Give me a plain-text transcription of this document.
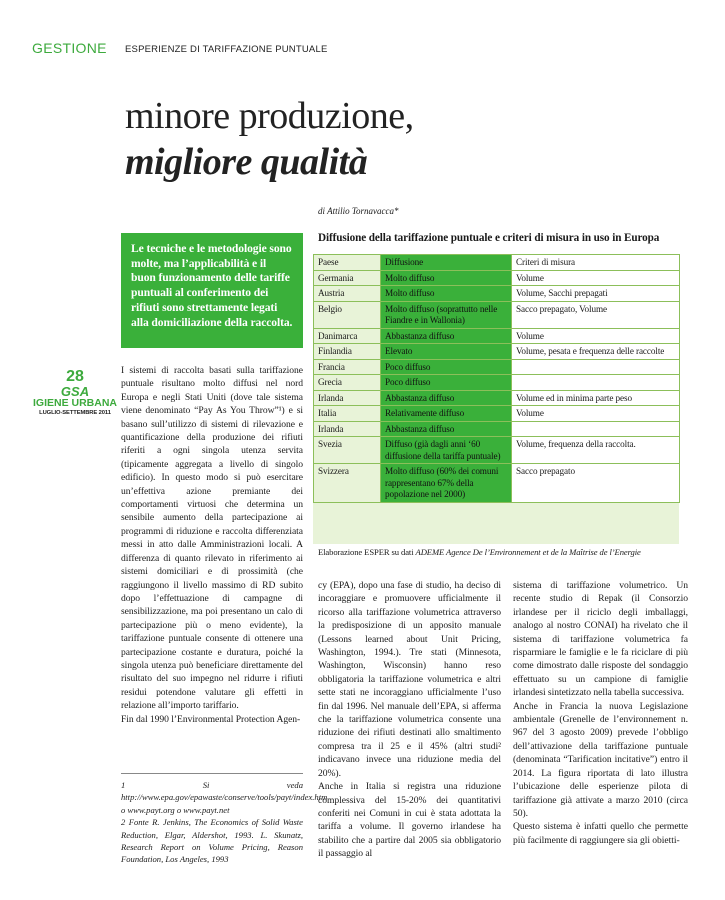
GESTIONE ESPERIENZE DI TARIFFAZIONE PUNTUALE
minore produzione,
migliore qualità
di Attilio Tornavacca*
Le tecniche e le metodologie sono molte, ma l’applicabilità e il buon funzionamento delle tariffe puntuali al conferimento dei rifiuti sono strettamente legati alla domiciliazione della raccolta.
28
GSA
IGIENE URBANA
LUGLIO-SETTEMBRE 2011

I sistemi di raccolta basati sulla tariffazione puntuale risultano molto diffusi nel nord Europa e negli Stati Uniti (dove tale sistema viene denominato “Pay As You Throw”¹) e si basano sull’utilizzo di sistemi di rilevazione e quantificazione della produzione dei rifiuti riferiti a ogni singola utenza servita (tipicamente aggregata a livello di singolo edificio). In questo modo si può esercitare un’effettiva azione premiante dei comportamenti virtuosi che determina un sensibile aumento della partecipazione ai programmi di riduzione e raccolta differenziata messi in atto dalle Amministrazioni locali. A differenza di quanto rilevato in riferimento ai sistemi domiciliari e di prossimità (che raggiungono il livello massimo di RD subito dopo l’effettuazione di campagne di sensibilizzazione, ma poi presentano un calo di partecipazione più o meno evidente), la tariffazione puntuale consente di ottenere una partecipazione costante e duratura, poiché la singola utenza può beneficiare direttamente del risultato del suo impegno nel ridurre i rifiuti residui potendone valutare gli effetti in relazione all’importo tariffario.

Fin dal 1990 l’Environmental Protection Agen-

1 Si veda http://www.epa.gov/epawaste/conserve/tools/payt/index.htm o www.payt.org o www.payt.net

2 Fonte R. Jenkins, The Economics of Solid Waste Reduction, Elgar, Aldershot, 1993. L. Skunatz, Research Report on Volume Pricing, Reason Foundation, Los Angeles, 1993

Diffusione della tariffazione puntuale e criteri di misura in uso in Europa
Paese	Diffusione	Criteri di misura
Germania	Molto diffuso	Volume
Austria	Molto diffuso	Volume, Sacchi prepagati
Belgio	Molto diffuso (soprattutto nelle Fiandre e in Wallonia)	Sacco prepagato, Volume
Danimarca	Abbastanza diffuso	Volume
Finlandia	Elevato	Volume, pesata e frequenza delle raccolte
Francia	Poco diffuso	
Grecia	Poco diffuso	
Irlanda	Abbastanza diffuso	Volume ed in minima parte peso
Italia	Relativamente diffuso	Volume
Irlanda	Abbastanza diffuso	
Svezia	Diffuso (già dagli anni ‘60 diffusione della tariffa puntuale)	Volume, frequenza della raccolta.
Svizzera	Molto diffuso (60% dei comuni rappresentano 67% della popolazione nel 2000)	Sacco prepagato
Elaborazione ESPER su dati ADEME Agence De l’Environnement et de la Maîtrise de l’Energie

cy (EPA), dopo una fase di studio, ha deciso di incoraggiare e promuovere ufficialmente il ricorso alla tariffazione volumetrica attraverso la predisposizione di un apposito manuale (Lessons learned about Unit Pricing, Washington, 1994.). Tre stati (Minnesota, Washington, Wisconsin) hanno reso obbligatoria la tariffazione volumetrica e altri sette stati ne incoraggiano ufficialmente l’uso fin dal 1996. Nel manuale dell’EPA, si afferma che la tariffazione volumetrica consente una riduzione dei rifiuti destinati allo smaltimento compresa tra il 25 e il 45% (altri studi² indicavano invece una riduzione media del 20%).

Anche in Italia si registra una riduzione complessiva del 15-20% dei quantitativi conferiti nei Comuni in cui è stata adottata la tariffa a volume. Il governo irlandese ha stabilito che a partire dal 2005 sia obbligatorio il passaggio al

sistema di tariffazione volumetrico. Un recente studio di Repak (il Consorzio irlandese per il riciclo degli imballaggi, analogo al nostro CONAI) ha rivelato che il sistema di tariffazione volumetrica fa risparmiare le famiglie e le fa riciclare di più come dimostrato dalle risposte del sondaggio effettuato su un campione di famiglie irlandesi sintetizzato nella tabella successiva.

Anche in Francia la nuova Legislazione ambientale (Grenelle de l’environnement n. 967 del 3 agosto 2009) prevede l’obbligo dell’attivazione della tariffazione puntuale (denominata “Tarification incitative”) entro il 2014. La figura riportata di lato illustra l’ubicazione delle esperienze pilota di tariffazione già attivate a marzo 2010 (circa 50).

Questo sistema è infatti quello che permette più facilmente di raggiungere sia gli obietti-
